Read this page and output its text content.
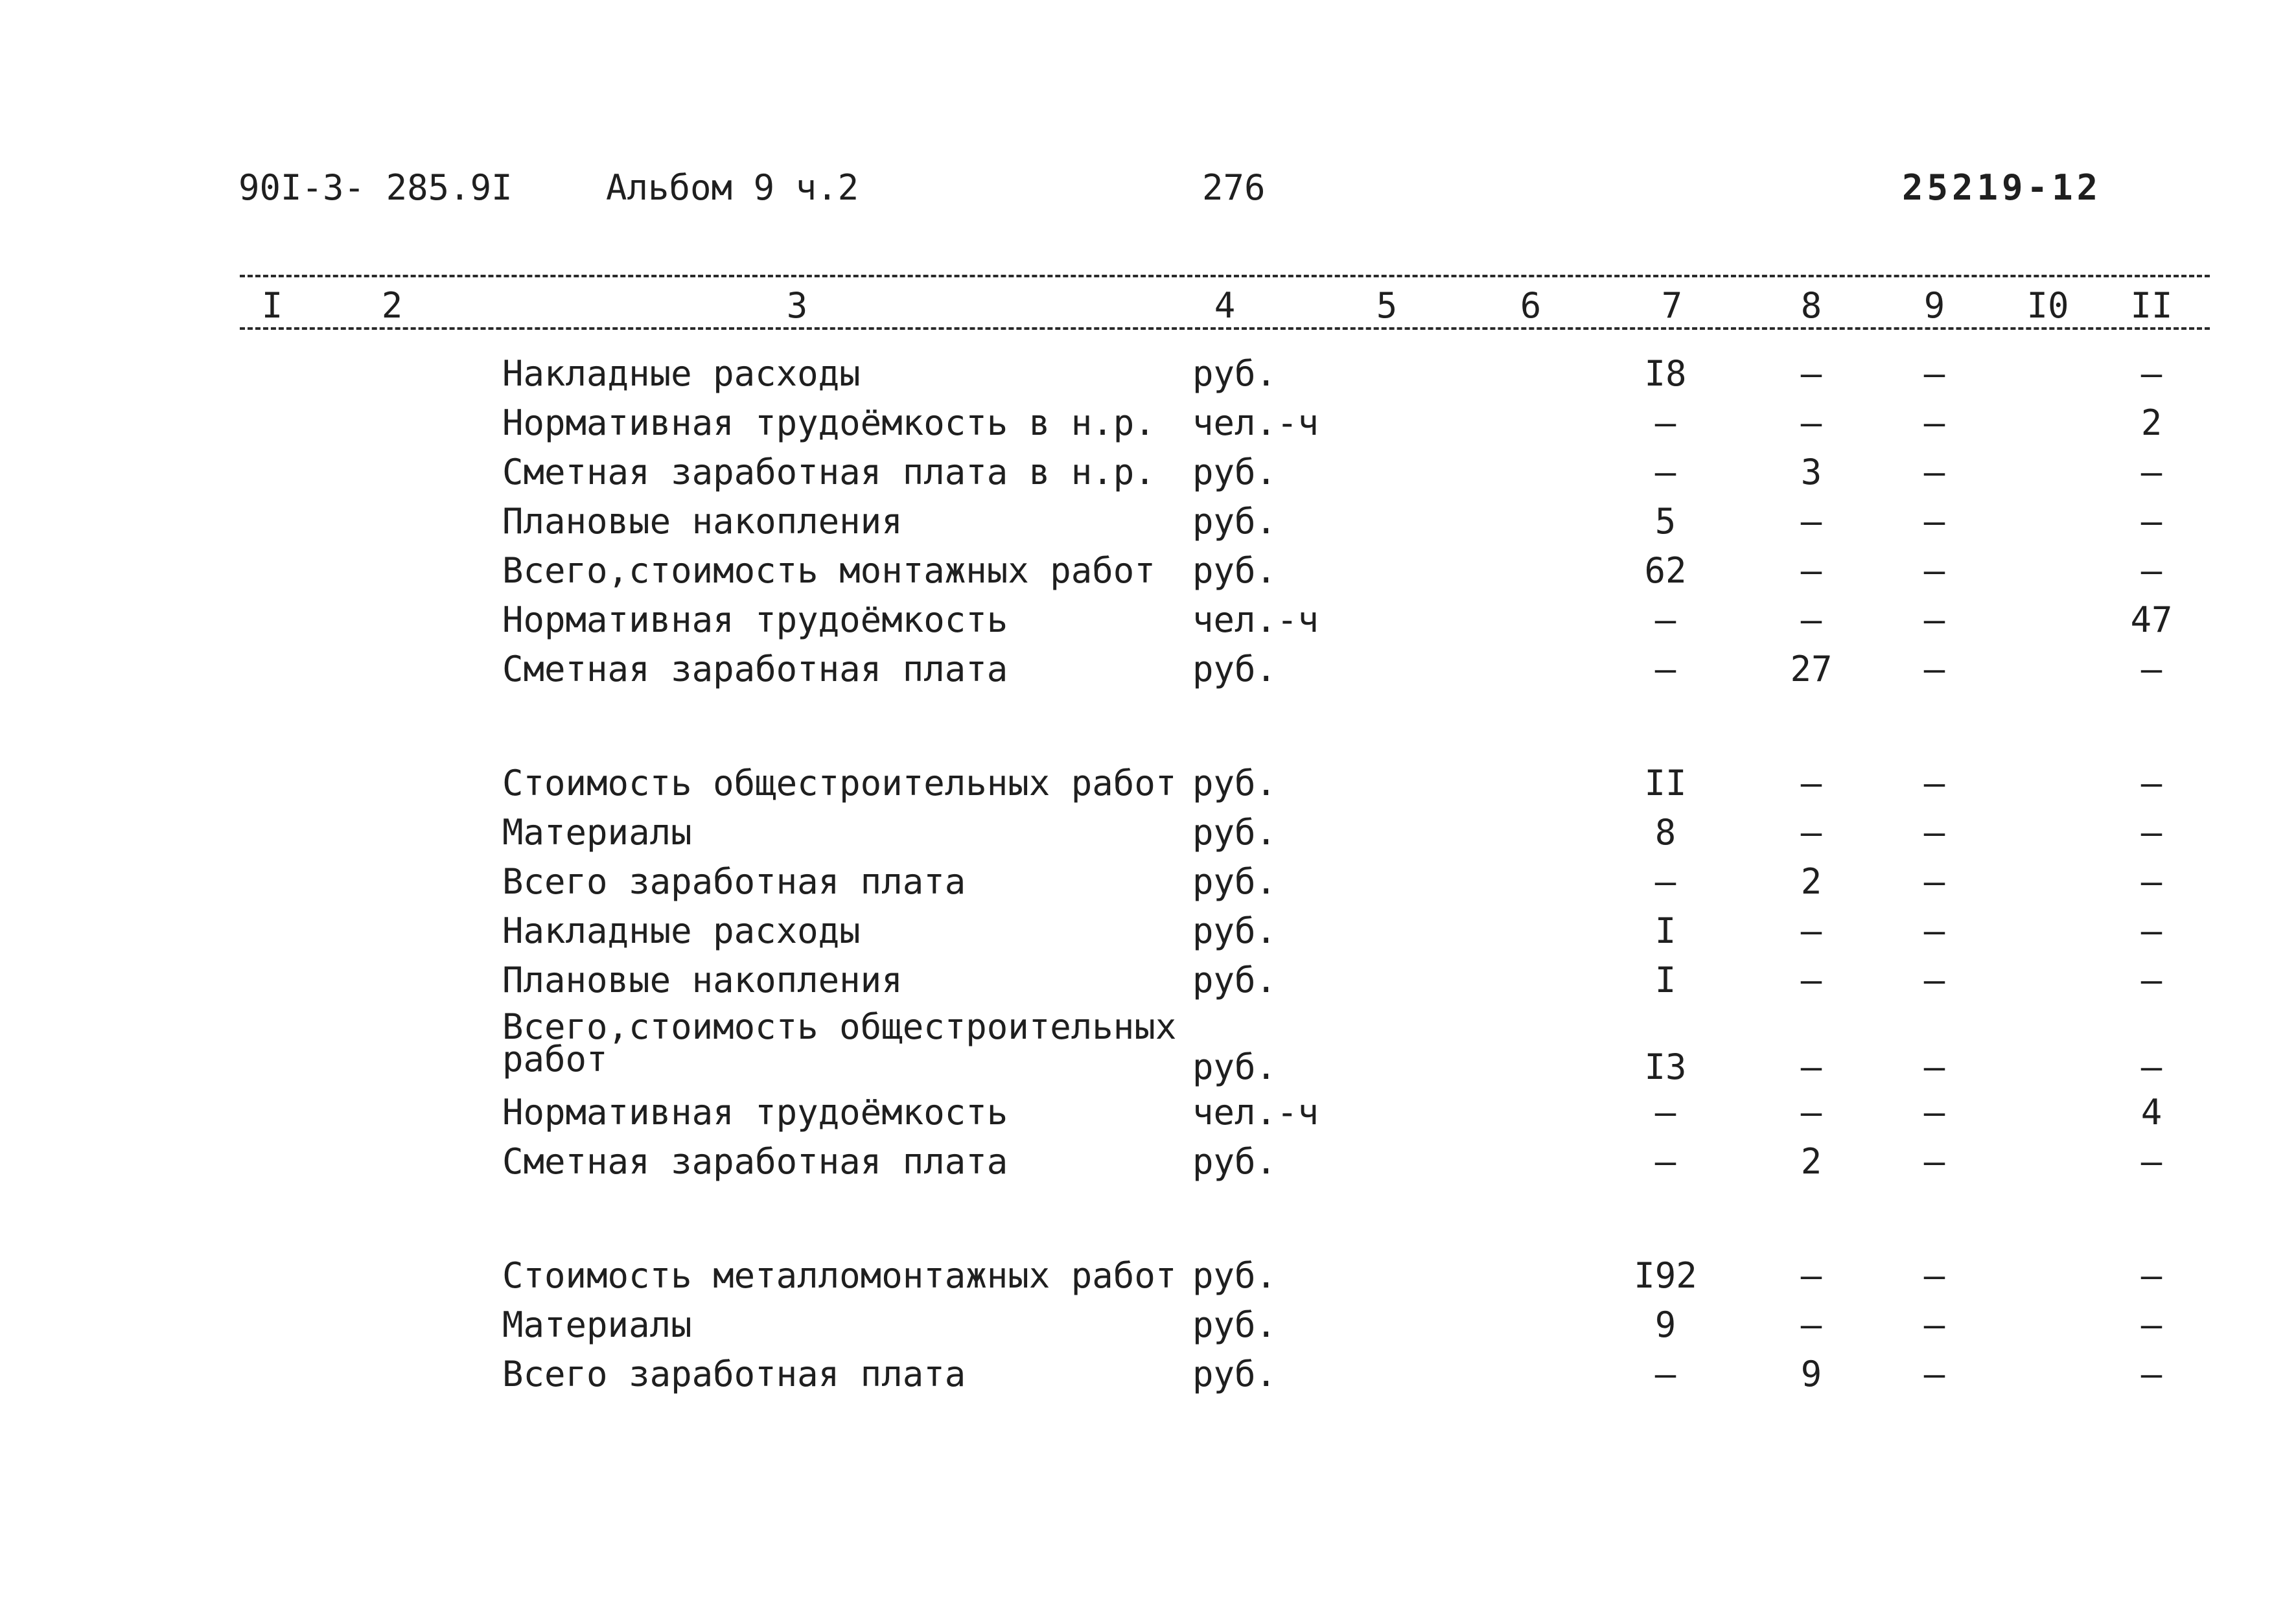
90I-3- 285.9I	Альбом 9 ч.2	276	25219-12
I	2	3	4	5	6	7	8	9	I0	II
Накладные расходы	руб.	I8	–	–	–
Нормативная трудоёмкость в н.р.	чел.-ч	–	–	–	2
Сметная заработная плата в н.р.	руб.	–	3	–	–
Плановые накопления	руб.	5	–	–	–
Всего,стоимость монтажных работ	руб.	62	–	–	–
Нормативная трудоёмкость	чел.-ч	–	–	–	47
Сметная заработная плата	руб.	–	27	–	–
Стоимость общестроительных работ руб.	II	–	–	–
Материалы	руб.	8	–	–	–
Всего заработная плата	руб.	–	2	–	–
Накладные расходы	руб.	I	–	–	–
Плановые накопления	руб.	I	–	–	–
Всего,стоимость общестроительных
работ	руб.	I3	–	–	–
Нормативная трудоёмкость	чел.-ч	–	–	–	4
Сметная заработная плата	руб.	–	2	–	–
Стоимость металломонтажных работ руб.	I92	–	–	–
Материалы	руб.	9	–	–	–
Всего заработная плата	руб.	–	9	–	–
